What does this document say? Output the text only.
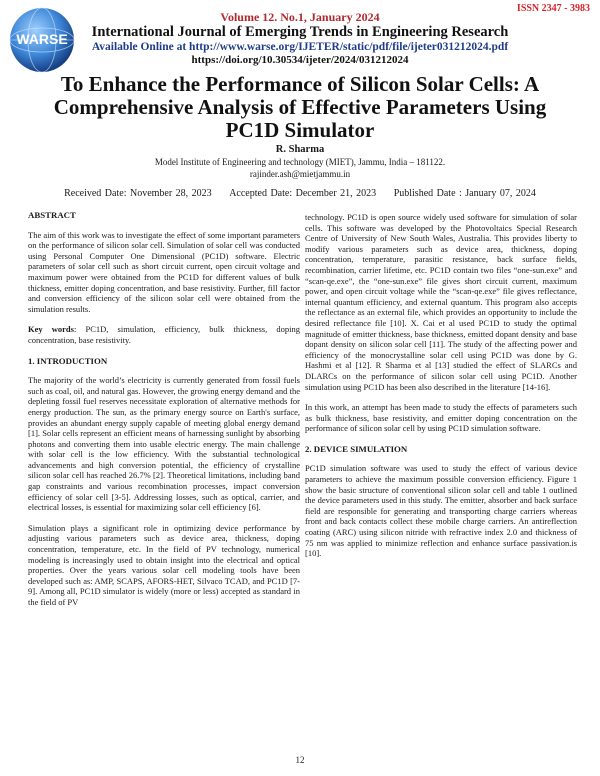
WARSE
ISSN 2347 - 3983
Volume 12. No.1, January 2024
International Journal of Emerging Trends in Engineering Research
Available Online at http://www.warse.org/IJETER/static/pdf/file/ijeter031212024.pdf
https://doi.org/10.30534/ijeter/2024/031212024
To Enhance the Performance of Silicon Solar Cells: A Comprehensive Analysis of Effective Parameters Using PC1D Simulator
R. Sharma
Model Institute of Engineering and technology (MIET), Jammu, India – 181122.
rajinder.ash@mietjammu.in
Received Date: November 28, 2023 Accepted Date: December 21, 2023 Published Date : January 07, 2024
ABSTRACT

The aim of this work was to investigate the effect of some important parameters on the performance of silicon solar cell. Simulation of solar cell was conducted using Personal Computer One Dimensional (PC1D) software. Electric parameters of solar cell such as short circuit current, open circuit voltage and maximum power were obtained from the PC1D for different values of bulk thickness, emitter doping concentration, and base resistivity. Further, fill factor and conversion efficiency of the silicon solar cell were obtained from the simulation results.

Key words: PC1D, simulation, efficiency, bulk thickness, doping concentration, base resistivity.

1. INTRODUCTION

The majority of the world’s electricity is currently generated from fossil fuels such as coal, oil, and natural gas. However, the growing energy demand and the depleting fossil fuel reserves necessitate exploration of alternative methods for energy production. The sun, as the primary energy source on Earth's surface, provides an abundant energy supply capable of meeting global energy demand [1]. Solar cells represent an efficient means of harnessing sunlight by absorbing photons and converting them into usable electric energy. The main challenge with solar cell is the low efficiency. With the substantial technological advancements and high conversion potential, the efficiency of crystalline silicon solar cell has reached 26.7% [2]. Theoretical limitations, including band gap constraints and various recombination processes, impact conversion efficiency of solar cell [3-5]. Addressing losses, such as optical, carrier, and electrical losses, is essential for maximizing solar cell efficiency [6].

Simulation plays a significant role in optimizing device performance by adjusting various parameters such as device area, thickness, doping concentration, temperature, etc. In the field of PV technology, numerical modeling is increasingly used to obtain insight into the electrical and optical properties. Over the years various solar cell modeling tools have been developed such as: AMP, SCAPS, AFORS-HET, Silvaco TCAD, and PC1D [7-9]. Among all, PC1D simulator is widely (more or less) accepted as standard in the field of PV

technology. PC1D is open source widely used software for simulation of solar cells. This software was developed by the Photovoltaics Special Research Centre of University of New South Wales, Australia. This provides liberty to modify various parameters such as device area, thickness, doping concentration, temperature, parasitic resistance, back surface fields, recombination, carrier lifetime, etc. PC1D contain two files “one-sun.exe” and “scan-qe.exe”, the “one-sun.exe” file gives short circuit current, maximum power, and open circuit voltage while the “scan-qe.exe” file gives reflectance, internal quantum efficiency, and external quantum. This program also accepts the reflectance as an external file, which provides an opportunity to include the desired reflectance file [10]. X. Cai et al used PC1D to study the optimal magnitude of emitter thickness, base thickness, emitted dopant density and base dopant density on silicon solar cell [11]. The study of the affecting power and efficiency of the monocrystalline solar cell using PC1D was done by G. Hashmi et al [12]. R Sharma et al [13] studied the effect of SLARCs and DLARCs on the performance of silicon solar cell using PC1D. Another simulation using PC1D has been also described in the literature [14-16].

In this work, an attempt has been made to study the effects of parameters such as bulk thickness, base resistivity, and emitter doping concentration on the performance of silicon solar cell by using PC1D simulation software.

2. DEVICE SIMULATION

PC1D simulation software was used to study the effect of various device parameters to achieve the maximum possible conversion efficiency. Figure 1 show the basic structure of conventional silicon solar cell and table 1 outlined the device parameters used in this study. The emitter, absorber and back surface field are responsible for generating and transporting charge carriers whereas front and back contacts collect these mobile charge carriers. An antireflection coating (ARC) using silicon nitride with refractive index 2.0 and thickness of 75 nm was applied to minimize reflection and enhance surface passivation.is [10].

12
